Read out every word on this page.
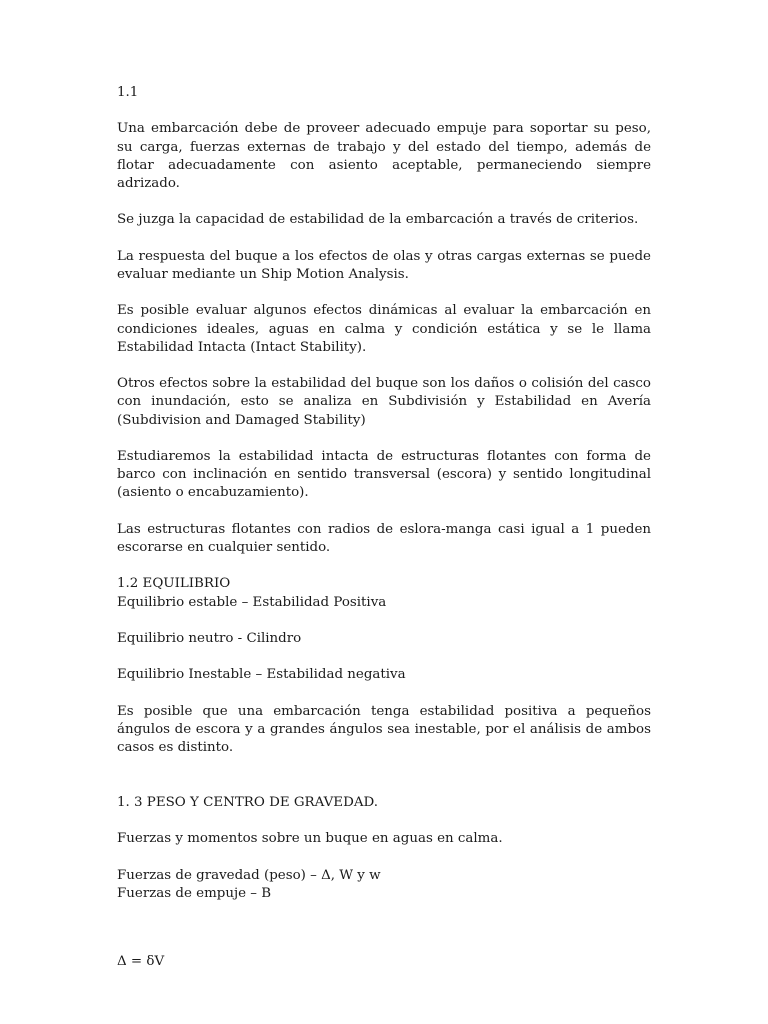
1.1

Una embarcación debe de proveer adecuado empuje para soportar su peso, su carga, fuerzas externas de trabajo y del estado del tiempo, además de flotar adecuadamente con asiento aceptable, permaneciendo siempre adrizado.

Se juzga la capacidad de estabilidad de la embarcación a través de criterios.

La respuesta del buque a los efectos de olas y otras cargas externas se puede evaluar mediante un Ship Motion Analysis.

Es posible evaluar algunos efectos dinámicas al evaluar la embarcación en condiciones ideales, aguas en calma y condición estática y se le llama Estabilidad Intacta (Intact Stability).

Otros efectos sobre la estabilidad del buque son los daños o colisión del casco con inundación, esto se analiza en Subdivisión y Estabilidad en Avería (Subdivision and Damaged Stability)

Estudiaremos la estabilidad intacta de estructuras flotantes con forma de barco con inclinación en sentido transversal (escora) y sentido longitudinal (asiento o encabuzamiento).

Las estructuras flotantes con radios de eslora-manga casi igual a 1 pueden escorarse en cualquier sentido.

1.2 EQUILIBRIO
Equilibrio estable – Estabilidad Positiva

Equilibrio neutro - Cilindro

Equilibrio Inestable – Estabilidad negativa

Es posible que una embarcación tenga estabilidad positiva a pequeños ángulos de escora y a grandes ángulos sea inestable, por el análisis de ambos casos es distinto.

1. 3 PESO Y CENTRO DE GRAVEDAD.

Fuerzas y momentos sobre un buque en aguas en calma.

Fuerzas de gravedad (peso) – Δ, W y w
Fuerzas de empuje – B

Δ = δV
